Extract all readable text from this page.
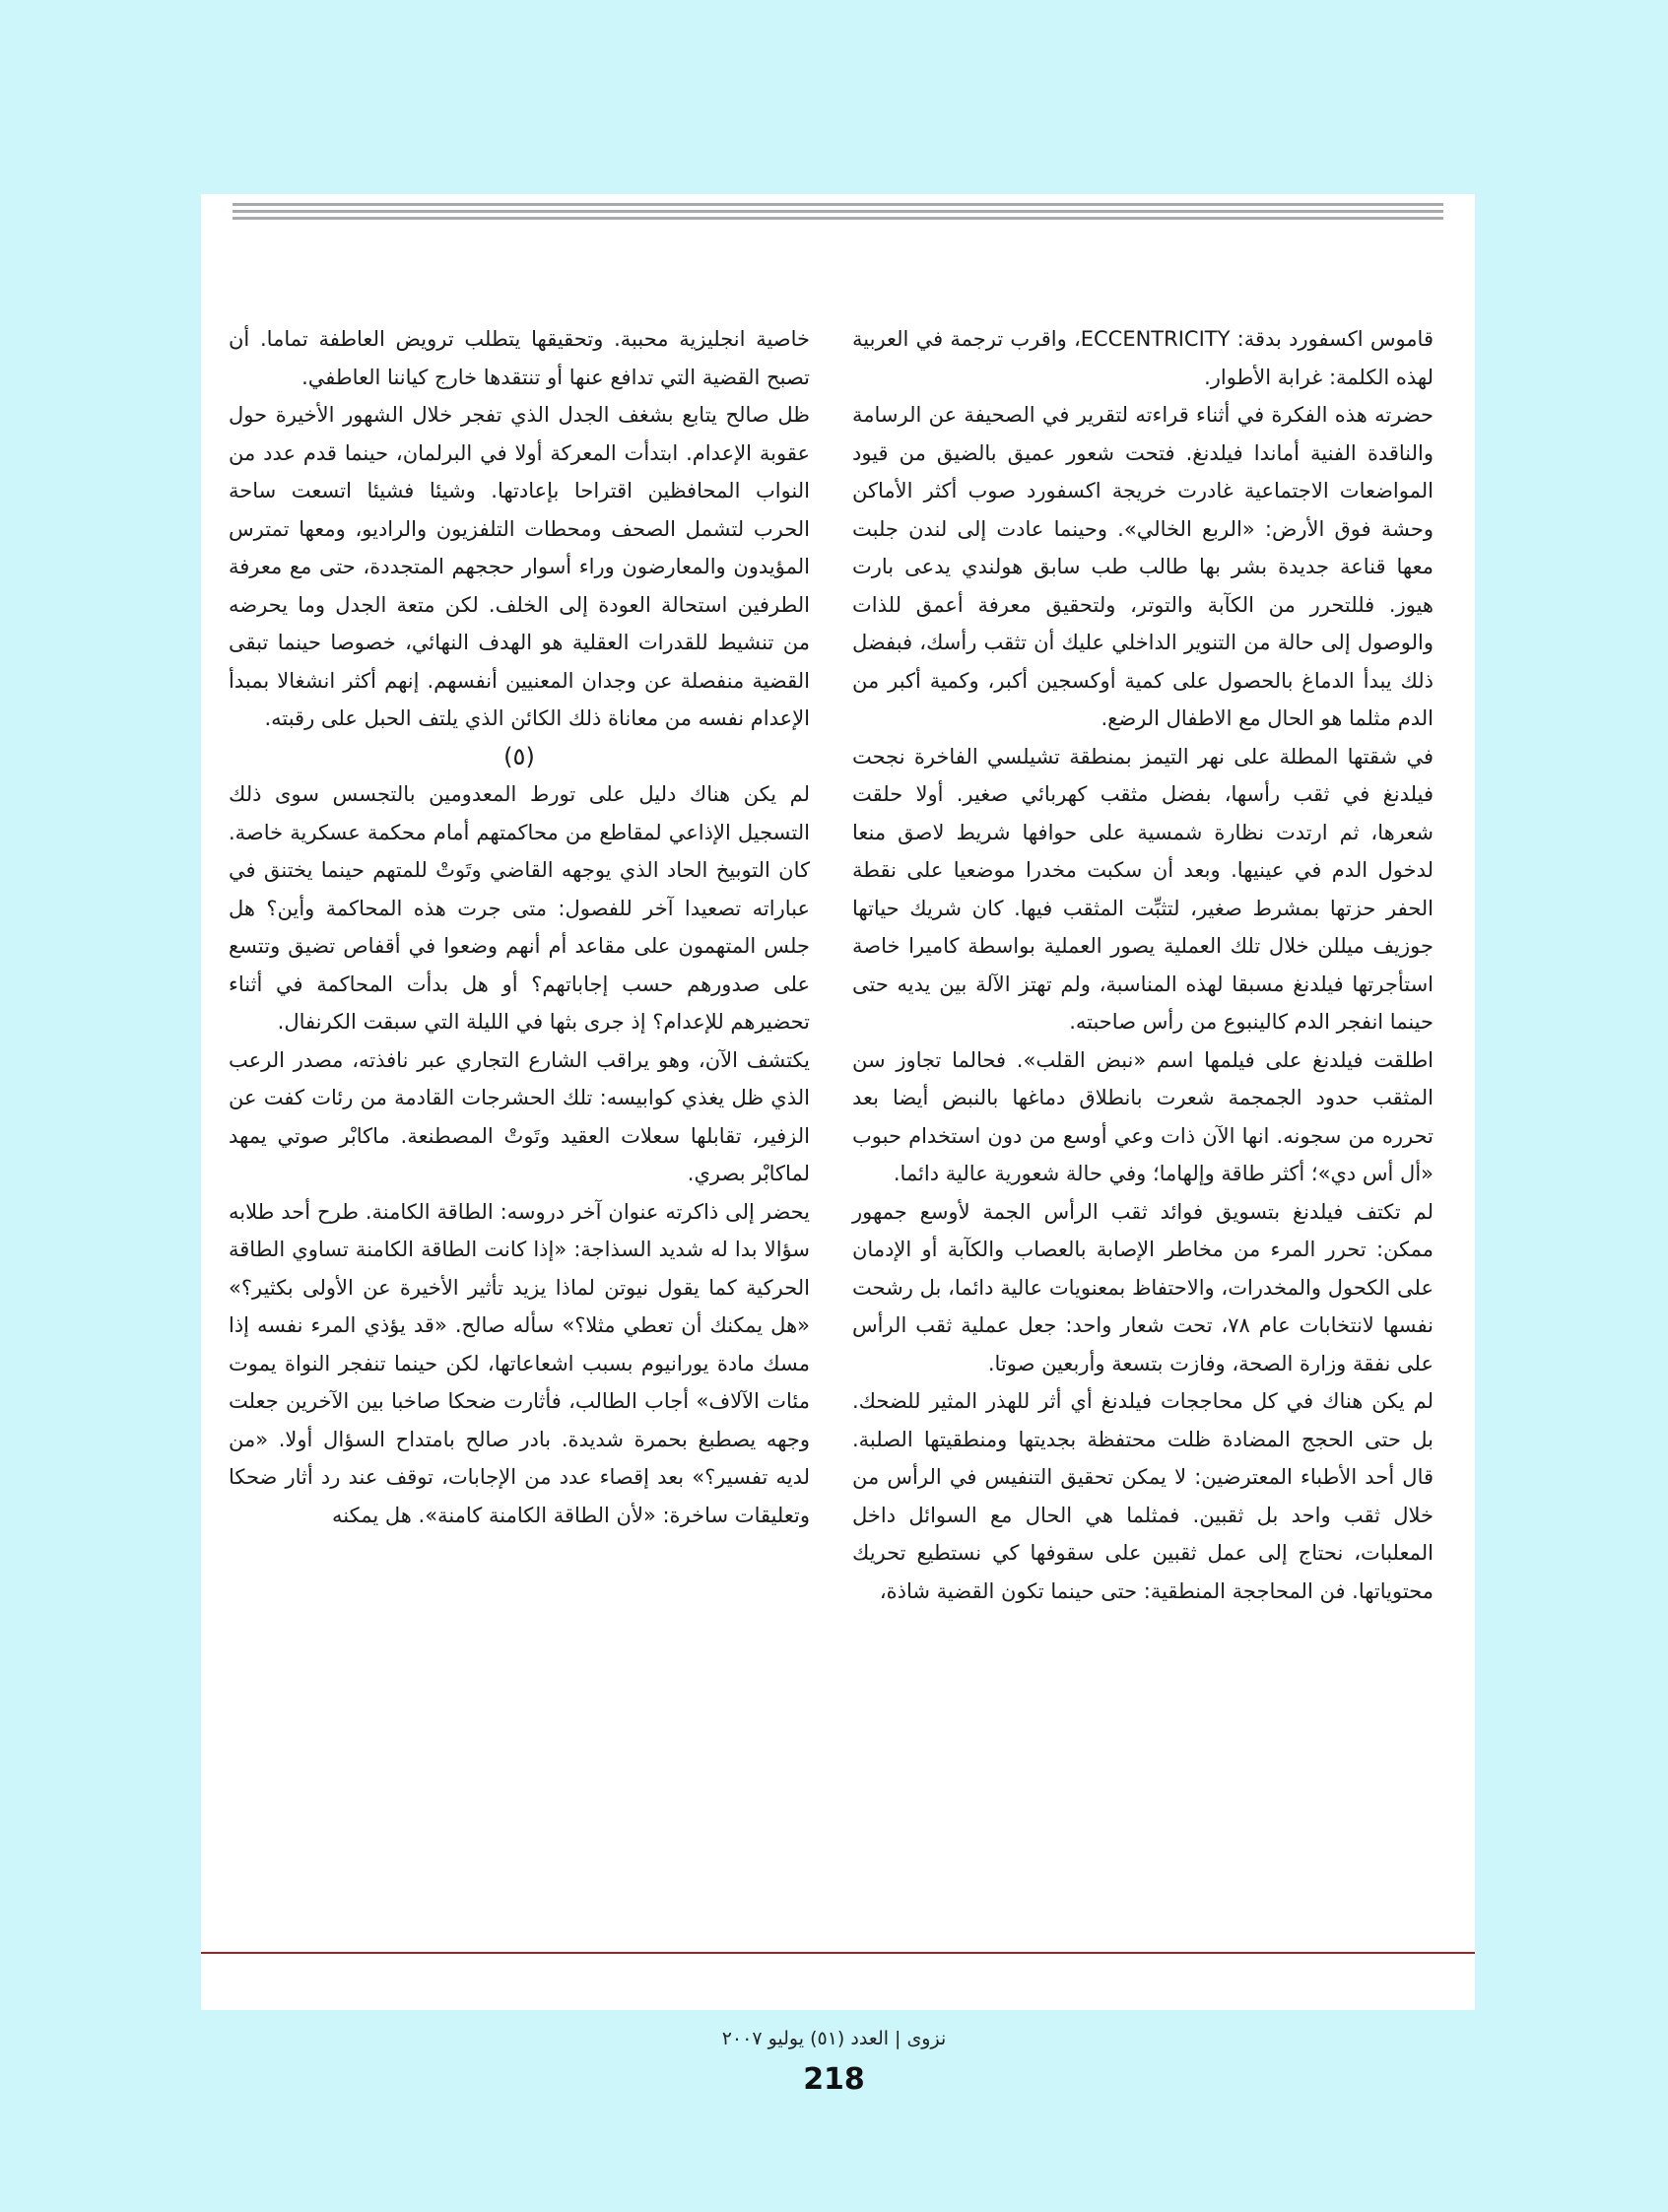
قاموس اكسفورد بدقة: ECCENTRICITY، واقرب ترجمة في العربية لهذه الكلمة: غرابة الأطوار.

حضرته هذه الفكرة في أثناء قراءته لتقرير في الصحيفة عن الرسامة والناقدة الفنية أماندا فيلدنغ. فتحت شعور عميق بالضيق من قيود المواضعات الاجتماعية غادرت خريجة اكسفورد صوب أكثر الأماكن وحشة فوق الأرض: «الربع الخالي». وحينما عادت إلى لندن جلبت معها قناعة جديدة بشر بها طالب طب سابق هولندي يدعى بارت هيوز. فللتحرر من الكآبة والتوتر، ولتحقيق معرفة أعمق للذات والوصول إلى حالة من التنوير الداخلي عليك أن تثقب رأسك، فبفضل ذلك يبدأ الدماغ بالحصول على كمية أوكسجين أكبر، وكمية أكبر من الدم مثلما هو الحال مع الاطفال الرضع.

في شقتها المطلة على نهر التيمز بمنطقة تشيلسي الفاخرة نجحت فيلدنغ في ثقب رأسها، بفضل مثقب كهربائي صغير. أولا حلقت شعرها، ثم ارتدت نظارة شمسية على حوافها شريط لاصق منعا لدخول الدم في عينيها. وبعد أن سكبت مخدرا موضعيا على نقطة الحفر حزتها بمشرط صغير، لتثبِّت المثقب فيها. كان شريك حياتها جوزيف ميللن خلال تلك العملية يصور العملية بواسطة كاميرا خاصة استأجرتها فيلدنغ مسبقا لهذه المناسبة، ولم تهتز الآلة بين يديه حتى حينما انفجر الدم كالينبوع من رأس صاحبته.

اطلقت فيلدنغ على فيلمها اسم «نبض القلب». فحالما تجاوز سن المثقب حدود الجمجمة شعرت بانطلاق دماغها بالنبض أيضا بعد تحرره من سجونه. انها الآن ذات وعي أوسع من دون استخدام حبوب «أل أس دي»؛ أكثر طاقة وإلهاما؛ وفي حالة شعورية عالية دائما.

لم تكتف فيلدنغ بتسويق فوائد ثقب الرأس الجمة لأوسع جمهور ممكن: تحرر المرء من مخاطر الإصابة بالعصاب والكآبة أو الإدمان على الكحول والمخدرات، والاحتفاظ بمعنويات عالية دائما، بل رشحت نفسها لانتخابات عام ٧٨، تحت شعار واحد: جعل عملية ثقب الرأس على نفقة وزارة الصحة، وفازت بتسعة وأربعين صوتا.

لم يكن هناك في كل محاججات فيلدنغ أي أثر للهذر المثير للضحك. بل حتى الحجج المضادة ظلت محتفظة بجديتها ومنطقيتها الصلبة. قال أحد الأطباء المعترضين: لا يمكن تحقيق التنفيس في الرأس من خلال ثقب واحد بل ثقبين. فمثلما هي الحال مع السوائل داخل المعلبات، نحتاج إلى عمل ثقبين على سقوفها كي نستطيع تحريك محتوياتها. فن المحاججة المنطقية: حتى حينما تكون القضية شاذة،

خاصية انجليزية محببة. وتحقيقها يتطلب ترويض العاطفة تماما. أن تصبح القضية التي تدافع عنها أو تنتقدها خارج كياننا العاطفي.

ظل صالح يتابع بشغف الجدل الذي تفجر خلال الشهور الأخيرة حول عقوبة الإعدام. ابتدأت المعركة أولا في البرلمان، حينما قدم عدد من النواب المحافظين اقتراحا بإعادتها. وشيئا فشيئا اتسعت ساحة الحرب لتشمل الصحف ومحطات التلفزيون والراديو، ومعها تمترس المؤيدون والمعارضون وراء أسوار حججهم المتجددة، حتى مع معرفة الطرفين استحالة العودة إلى الخلف. لكن متعة الجدل وما يحرضه من تنشيط للقدرات العقلية هو الهدف النهائي، خصوصا حينما تبقى القضية منفصلة عن وجدان المعنيين أنفسهم. إنهم أكثر انشغالا بمبدأ الإعدام نفسه من معاناة ذلك الكائن الذي يلتف الحبل على رقبته.

(٥)

لم يكن هناك دليل على تورط المعدومين بالتجسس سوى ذلك التسجيل الإذاعي لمقاطع من محاكمتهم أمام محكمة عسكرية خاصة. كان التوبيخ الحاد الذي يوجهه القاضي وتَوتْ للمتهم حينما يختنق في عباراته تصعيدا آخر للفصول: متى جرت هذه المحاكمة وأين؟ هل جلس المتهمون على مقاعد أم أنهم وضعوا في أقفاص تضيق وتتسع على صدورهم حسب إجاباتهم؟ أو هل بدأت المحاكمة في أثناء تحضيرهم للإعدام؟ إذ جرى بثها في الليلة التي سبقت الكرنفال.

يكتشف الآن، وهو يراقب الشارع التجاري عبر نافذته، مصدر الرعب الذي ظل يغذي كوابيسه: تلك الحشرجات القادمة من رئات كفت عن الزفير، تقابلها سعلات العقيد وتَوتْ المصطنعة. ماكابْر صوتي يمهد لماكابْر بصري.

يحضر إلى ذاكرته عنوان آخر دروسه: الطاقة الكامنة. طرح أحد طلابه سؤالا بدا له شديد السذاجة: «إذا كانت الطاقة الكامنة تساوي الطاقة الحركية كما يقول نيوتن لماذا يزيد تأثير الأخيرة عن الأولى بكثير؟» «هل يمكنك أن تعطي مثلا؟» سأله صالح. «قد يؤذي المرء نفسه إذا مسك مادة يورانيوم بسبب اشعاعاتها، لكن حينما تنفجر النواة يموت مئات الآلاف» أجاب الطالب، فأثارت ضحكا صاخبا بين الآخرين جعلت وجهه يصطبغ بحمرة شديدة. بادر صالح بامتداح السؤال أولا. «من لديه تفسير؟» بعد إقصاء عدد من الإجابات، توقف عند رد أثار ضحكا وتعليقات ساخرة: «لأن الطاقة الكامنة كامنة». هل يمكنه

نزوى|العدد (٥١) يوليو ٢٠٠٧
218
